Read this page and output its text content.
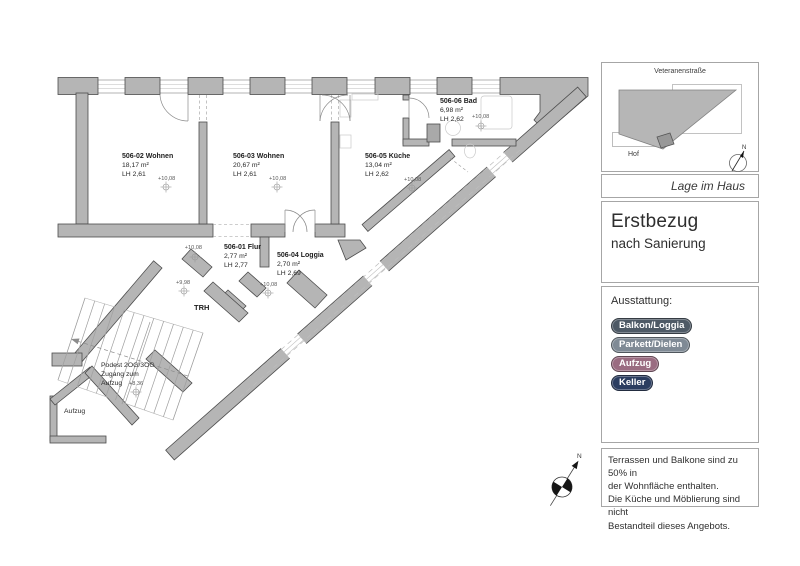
506-02 Wohnen
18,17 m²
LH 2,61
+10,08
506-03 Wohnen
20,67 m²
LH 2,61
+10,08
506-05 Küche
13,04 m²
LH 2,62
+10,08
506-06 Bad
6,98 m²
LH 2,62 +10,08
506-01 Flur
2,77 m²
LH 2,77
+10,08
506-04 Loggia
2,70 m²
LH 2,69
+10,08
TRH
+9,98
Podest 2OG/3OG
Zugang zum
Aufzug +8,36
Aufzug
N
Veteranenstraße
N
Hof
Lage im Haus
Erstbezug
nach Sanierung
Ausstattung:
Balkon/Loggia
Parkett/Dielen
Aufzug
Keller
Terrassen und Balkone sind zu 50% in
der Wohnfläche enthalten.
Die Küche und Möblierung sind nicht
Bestandteil dieses Angebots.
